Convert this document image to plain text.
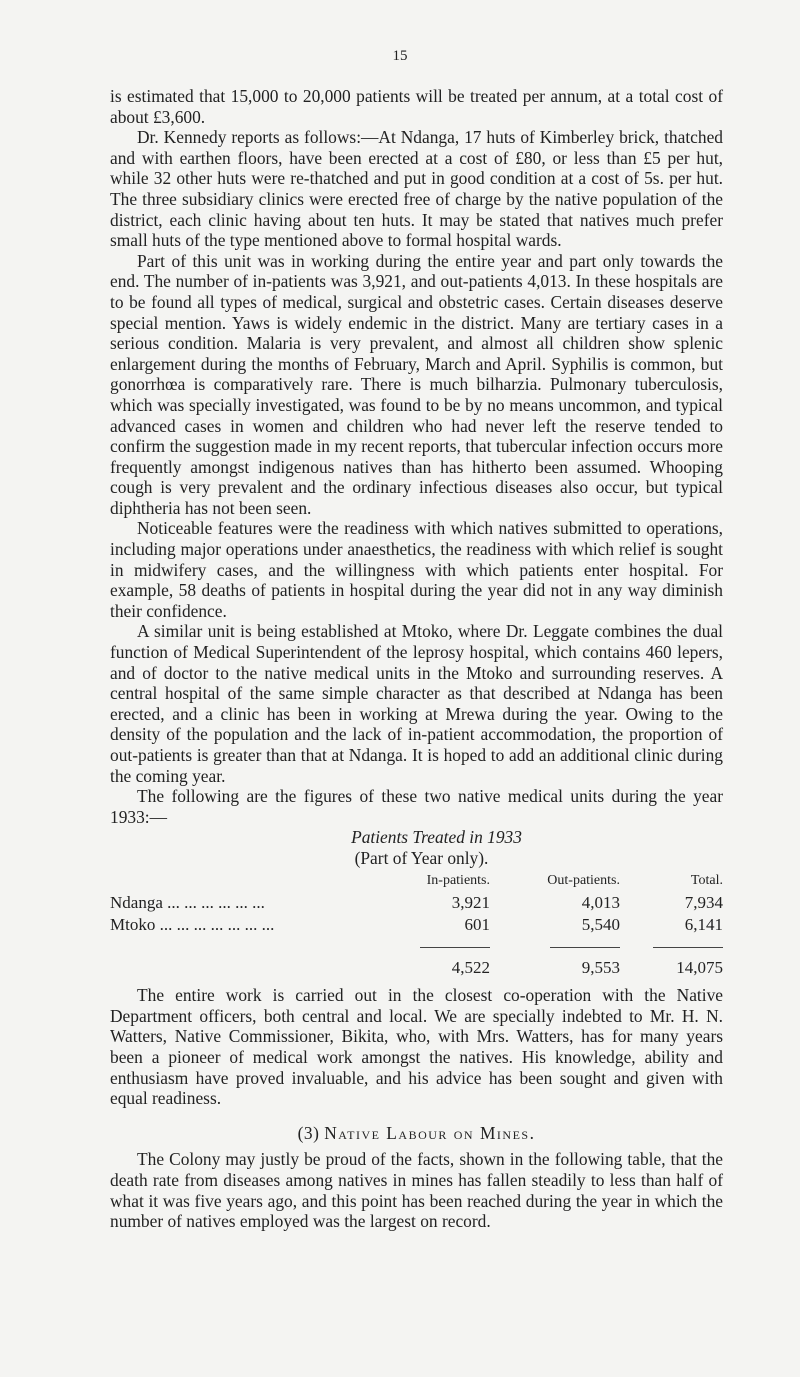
15

is estimated that 15,000 to 20,000 patients will be treated per annum, at a total cost of about £3,600.

Dr. Kennedy reports as follows:—At Ndanga, 17 huts of Kimberley brick, thatched and with earthen floors, have been erected at a cost of £80, or less than £5 per hut, while 32 other huts were re-thatched and put in good condition at a cost of 5s. per hut. The three subsidiary clinics were erected free of charge by the native population of the district, each clinic having about ten huts. It may be stated that natives much prefer small huts of the type mentioned above to formal hospital wards.

Part of this unit was in working during the entire year and part only towards the end. The number of in-patients was 3,921, and out-patients 4,013. In these hospitals are to be found all types of medical, surgical and obstetric cases. Certain diseases deserve special mention. Yaws is widely endemic in the district. Many are tertiary cases in a serious condition. Malaria is very prevalent, and almost all children show splenic enlargement during the months of February, March and April. Syphilis is common, but gonorrhœa is comparatively rare. There is much bilharzia. Pulmonary tuberculosis, which was specially investigated, was found to be by no means uncommon, and typical advanced cases in women and children who had never left the reserve tended to confirm the suggestion made in my recent reports, that tubercular infection occurs more frequently amongst indigenous natives than has hitherto been assumed. Whooping cough is very prevalent and the ordinary infectious diseases also occur, but typical diphtheria has not been seen.

Noticeable features were the readiness with which natives submitted to operations, including major operations under anaesthetics, the readiness with which relief is sought in midwifery cases, and the willingness with which patients enter hospital. For example, 58 deaths of patients in hospital during the year did not in any way diminish their confidence.

A similar unit is being established at Mtoko, where Dr. Leggate combines the dual function of Medical Superintendent of the leprosy hospital, which contains 460 lepers, and of doctor to the native medical units in the Mtoko and surrounding reserves. A central hospital of the same simple character as that described at Ndanga has been erected, and a clinic has been in working at Mrewa during the year. Owing to the density of the population and the lack of in-patient accommodation, the proportion of out-patients is greater than that at Ndanga. It is hoped to add an additional clinic during the coming year.

The following are the figures of these two native medical units during the year 1933:—

Patients Treated in 1933
(Part of Year only).
	In-patients.	Out-patients.	Total.
Ndanga ... ... ... ... ... ...	3,921	4,013	7,934
Mtoko ... ... ... ... ... ... ...	601	5,540	6,141

	4,522	9,553	14,075

The entire work is carried out in the closest co-operation with the Native Department officers, both central and local. We are specially indebted to Mr. H. N. Watters, Native Commissioner, Bikita, who, with Mrs. Watters, has for many years been a pioneer of medical work amongst the natives. His knowledge, ability and enthusiasm have proved invaluable, and his advice has been sought and given with equal readiness.

(3) Native Labour on Mines.

The Colony may justly be proud of the facts, shown in the following table, that the death rate from diseases among natives in mines has fallen steadily to less than half of what it was five years ago, and this point has been reached during the year in which the number of natives employed was the largest on record.
